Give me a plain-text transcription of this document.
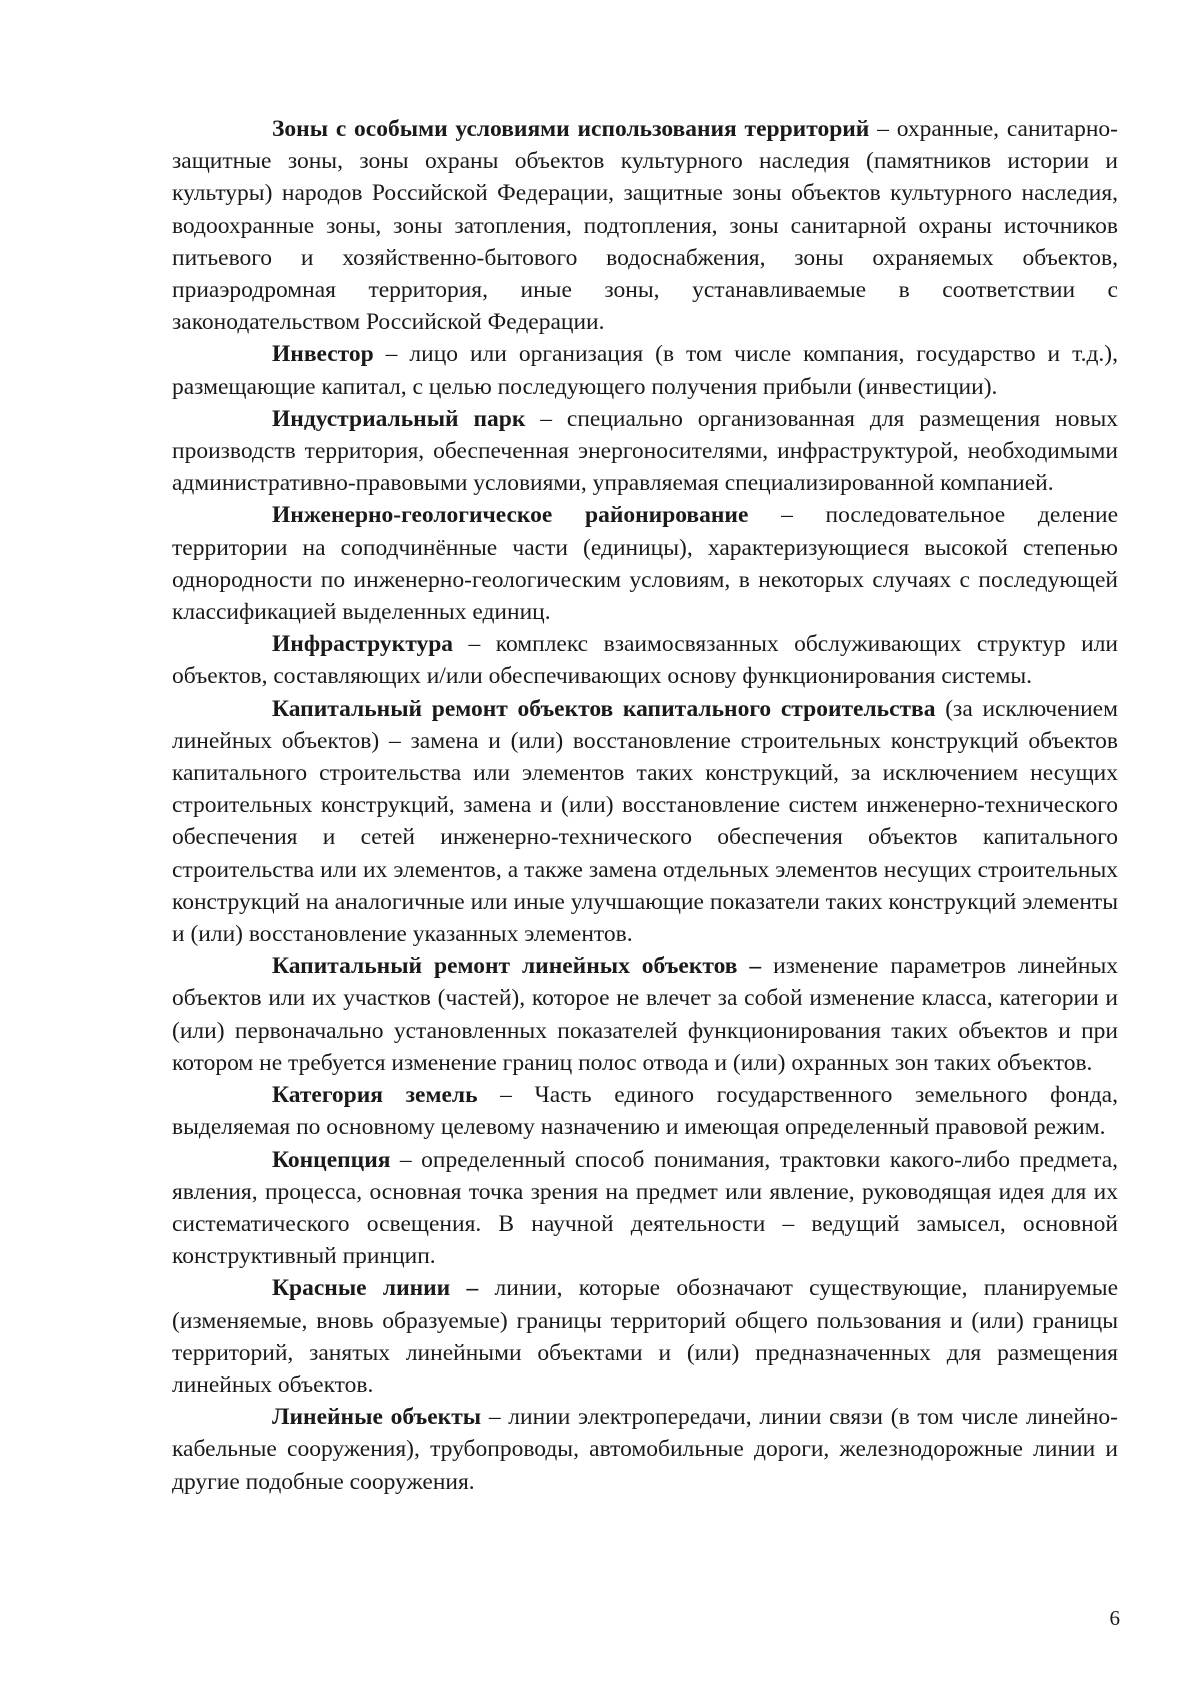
Зоны с особыми условиями использования территорий – охранные, санитарно-защитные зоны, зоны охраны объектов культурного наследия (памятников истории и культуры) народов Российской Федерации, защитные зоны объектов культурного наследия, водоохранные зоны, зоны затопления, подтопления, зоны санитарной охраны источников питьевого и хозяйственно-бытового водоснабжения, зоны охраняемых объектов, приаэродромная территория, иные зоны, устанавливаемые в соответствии с законодательством Российской Федерации.

Инвестор – лицо или организация (в том числе компания, государство и т.д.), размещающие капитал, с целью последующего получения прибыли (инвестиции).

Индустриальный парк – специально организованная для размещения новых производств территория, обеспеченная энергоносителями, инфраструктурой, необходимыми административно-правовыми условиями, управляемая специализированной компанией.

Инженерно-геологическое районирование – последовательное деление территории на соподчинённые части (единицы), характеризующиеся высокой степенью однородности по инженерно-геологическим условиям, в некоторых случаях с последующей классификацией выделенных единиц.

Инфраструктура – комплекс взаимосвязанных обслуживающих структур или объектов, составляющих и/или обеспечивающих основу функционирования системы.

Капитальный ремонт объектов капитального строительства (за исключением линейных объектов) – замена и (или) восстановление строительных конструкций объектов капитального строительства или элементов таких конструкций, за исключением несущих строительных конструкций, замена и (или) восстановление систем инженерно-технического обеспечения и сетей инженерно-технического обеспечения объектов капитального строительства или их элементов, а также замена отдельных элементов несущих строительных конструкций на аналогичные или иные улучшающие показатели таких конструкций элементы и (или) восстановление указанных элементов.

Капитальный ремонт линейных объектов – изменение параметров линейных объектов или их участков (частей), которое не влечет за собой изменение класса, категории и (или) первоначально установленных показателей функционирования таких объектов и при котором не требуется изменение границ полос отвода и (или) охранных зон таких объектов.

Категория земель – Часть единого государственного земельного фонда, выделяемая по основному целевому назначению и имеющая определенный правовой режим.

Концепция – определенный способ понимания, трактовки какого-либо предмета, явления, процесса, основная точка зрения на предмет или явление, руководящая идея для их систематического освещения. В научной деятельности – ведущий замысел, основной конструктивный принцип.

Красные линии – линии, которые обозначают существующие, планируемые (изменяемые, вновь образуемые) границы территорий общего пользования и (или) границы территорий, занятых линейными объектами и (или) предназначенных для размещения линейных объектов.

Линейные объекты – линии электропередачи, линии связи (в том числе линейно-кабельные сооружения), трубопроводы, автомобильные дороги, железнодорожные линии и другие подобные сооружения.

6
